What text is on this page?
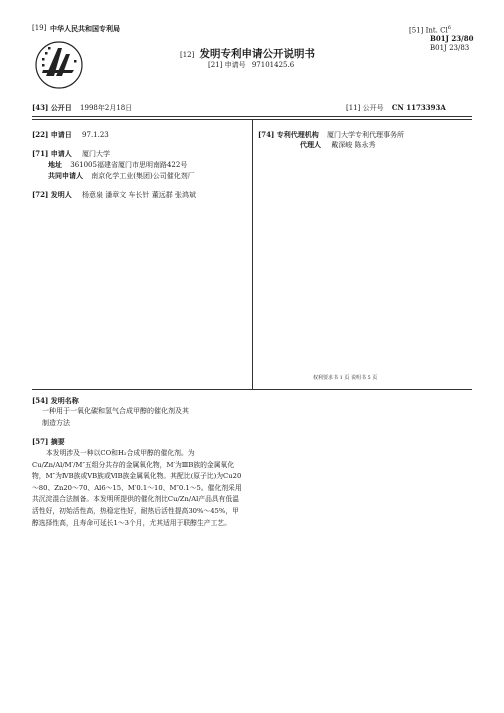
[19] 中华人民共和国专利局	[51] Int. Cl$^6$
B01J 23/80
B01J 23/83
[12] 发明专利申请公开说明书
[21] 申请号 97101425.6
[43] 公开日 1998年2月18日	[11] 公开号 CN 1173393A
[22] 申请日 97.1.23
[71] 申请人 厦门大学
地址 361005福建省厦门市思明南路422号
共同申请人 南京化学工业(集团)公司催化剂厂
[72] 发明人 杨意泉 潘章文 车长针 董远群 张鸿斌
[74] 专利代理机构 厦门大学专利代理事务所
代理人 戴深峻 陈永秀
权利要求书 1 页 说明书 5 页
[54] 发明名称
一种用于一氧化碳和氢气合成甲醇的催化剂及其
制造方法
[57] 摘要
本发明涉及一种以CO和H₂合成甲醇的催化剂。为Cu/Zn/Al/M′/M″五组分共存的金属氧化物，M′为ⅢB族的金属氧化物，M″为ⅣB族或ⅤB族或ⅥB族金属氧化物。其配比(原子比)为Cu20～80、Zn20～70、Al6～15、M′0.1～10、M″0.1～5。催化剂采用共沉淀混合法制备。本发明所提供的催化剂比Cu/Zn/Al产品具有低温活性好，初始活性高，热稳定性好，耐热后活性提高30%～45%，甲醇选择性高，且寿命可延长1～3个月，尤其适用于联醇生产工艺。
